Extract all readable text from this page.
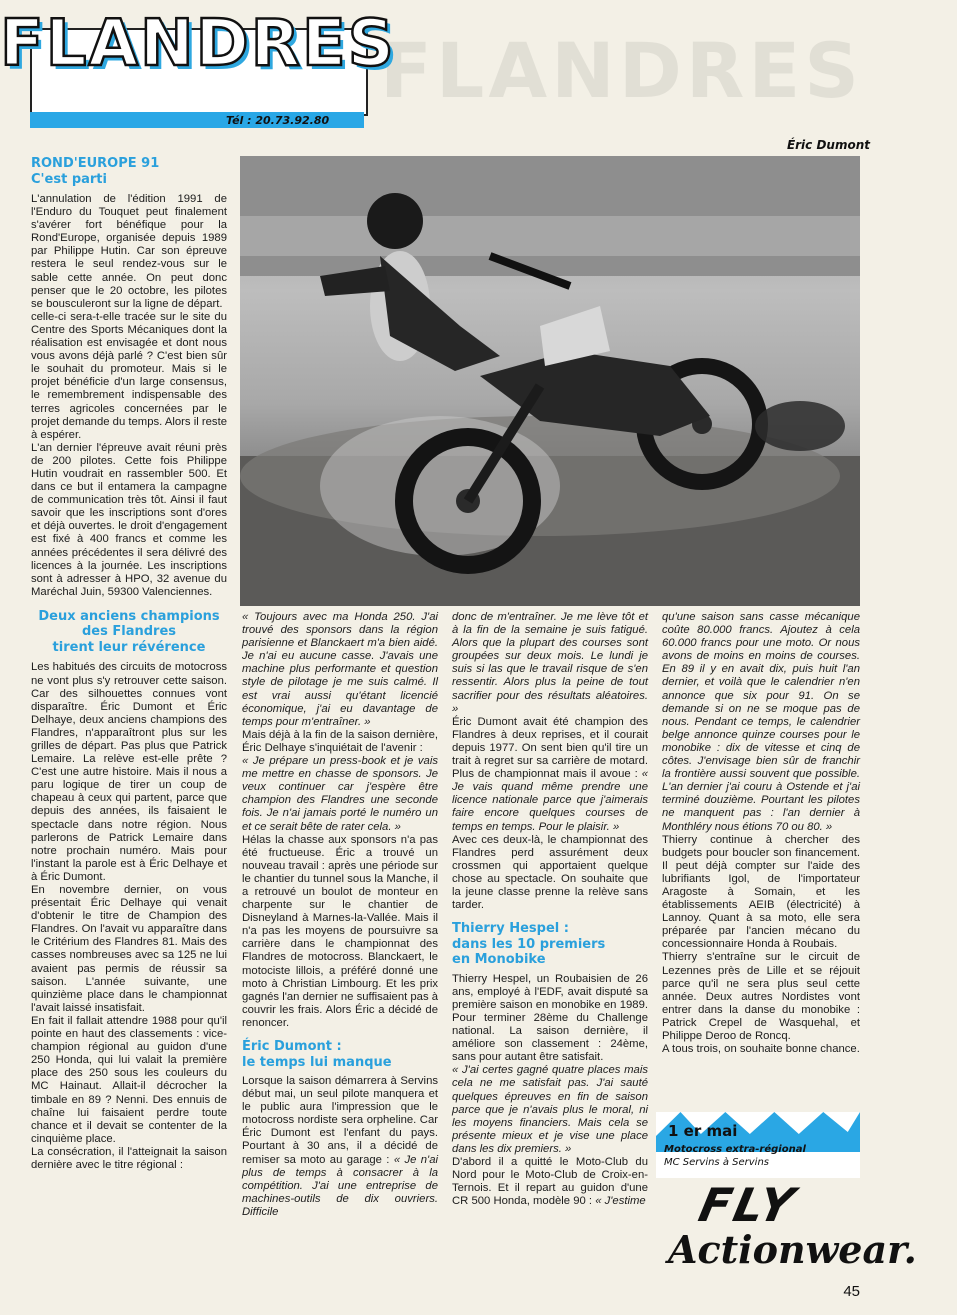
FLANDRES
FLANDRES
Tél : 20.73.92.80
Éric Dumont

ROND'EUROPE 91

C'est parti

L'annulation de l'édition 1991 de l'Enduro du Touquet peut finalement s'avérer fort bénéfique pour la Rond'Europe, organisée depuis 1989 par Philippe Hutin. Car son épreuve restera le seul rendez-vous sur le sable cette année. On peut donc penser que le 20 octobre, les pilotes se bousculeront sur la ligne de départ.

celle-ci sera-t-elle tracée sur le site du Centre des Sports Mécaniques dont la réalisation est envisagée et dont nous vous avons déjà parlé ? C'est bien sûr le souhait du promoteur. Mais si le projet bénéficie d'un large consensus, le remembrement indispensable des terres agricoles concernées par le projet demande du temps. Alors il reste à espérer.

L'an dernier l'épreuve avait réuni près de 200 pilotes. Cette fois Philippe Hutin voudrait en rassembler 500. Et dans ce but il entamera la campagne de communication très tôt. Ainsi il faut savoir que les inscriptions sont d'ores et déjà ouvertes. le droit d'engagement est fixé à 400 francs et comme les années précédentes il sera délivré des licences à la journée. Les inscriptions sont à adresser à HPO, 32 avenue du Maréchal Juin, 59300 Valenciennes.

Deux anciens champions

des Flandres

tirent leur révérence

Les habitués des circuits de motocross ne vont plus s'y retrouver cette saison. Car des silhouettes connues vont disparaître. Éric Dumont et Éric Delhaye, deux anciens champions des Flandres, n'apparaîtront plus sur les grilles de départ. Pas plus que Patrick Lemaire. La relève est-elle prête ? C'est une autre histoire. Mais il nous a paru logique de tirer un coup de chapeau à ceux qui partent, parce que depuis des années, ils faisaient le spectacle dans notre région. Nous parlerons de Patrick Lemaire dans notre prochain numéro. Mais pour l'instant la parole est à Éric Delhaye et à Éric Dumont.

En novembre dernier, on vous présentait Éric Delhaye qui venait d'obtenir le titre de Champion des Flandres. On l'avait vu apparaître dans le Critérium des Flandres 81. Mais des casses nombreuses avec sa 125 ne lui avaient pas permis de réussir sa saison. L'année suivante, une quinzième place dans le championnat l'avait laissé insatisfait.

En fait il fallait attendre 1988 pour qu'il pointe en haut des classements : vice-champion régional au guidon d'une 250 Honda, qui lui valait la première place des 250 sous les couleurs du MC Hainaut. Allait-il décrocher la timbale en 89 ? Nenni. Des ennuis de chaîne lui faisaient perdre toute chance et il devait se contenter de la cinquième place.

La consécration, il l'atteignait la saison dernière avec le titre régional :

« Toujours avec ma Honda 250. J'ai trouvé des sponsors dans la région parisienne et Blanckaert m'a bien aidé. Je n'ai eu aucune casse. J'avais une machine plus performante et question style de pilotage je me suis calmé. Il est vrai aussi qu'étant licencié économique, j'ai eu davantage de temps pour m'entraîner. »

Mais déjà à la fin de la saison dernière, Éric Delhaye s'inquiétait de l'avenir :

« Je prépare un press-book et je vais me mettre en chasse de sponsors. Je veux continuer car j'espère être champion des Flandres une seconde fois. Je n'ai jamais porté le numéro un et ce serait bête de rater cela. »

Hélas la chasse aux sponsors n'a pas été fructueuse. Éric a trouvé un nouveau travail : après une période sur le chantier du tunnel sous la Manche, il a retrouvé un boulot de monteur en charpente sur le chantier de Disneyland à Marnes-la-Vallée. Mais il n'a pas les moyens de poursuivre sa carrière dans le championnat des Flandres de motocross. Blanckaert, le motociste lillois, a préféré donné une moto à Christian Limbourg. Et les prix gagnés l'an dernier ne suffisaient pas à couvrir les frais. Alors Éric a décidé de renoncer.

Éric Dumont :

le temps lui manque

Lorsque la saison démarrera à Servins début mai, un seul pilote manquera et le public aura l'impression que le motocross nordiste sera orpheline. Car Éric Dumont est l'enfant du pays. Pourtant à 30 ans, il a décidé de remiser sa moto au garage : « Je n'ai plus de temps à consacrer à la compétition. J'ai une entreprise de machines-outils de dix ouvriers. Difficile

donc de m'entraîner. Je me lève tôt et à la fin de la semaine je suis fatigué. Alors que la plupart des courses sont groupées sur deux mois. Le lundi je suis si las que le travail risque de s'en ressentir. Alors plus la peine de tout sacrifier pour des résultats aléatoires. »

Éric Dumont avait été champion des Flandres à deux reprises, et il courait depuis 1977. On sent bien qu'il tire un trait à regret sur sa carrière de motard. Plus de championnat mais il avoue : « Je vais quand même prendre une licence nationale parce que j'aimerais faire encore quelques courses de temps en temps. Pour le plaisir. »

Avec ces deux-là, le championnat des Flandres perd assurément deux crossmen qui apportaient quelque chose au spectacle. On souhaite que la jeune classe prenne la relève sans tarder.

Thierry Hespel :

dans les 10 premiers

en Monobike

Thierry Hespel, un Roubaisien de 26 ans, employé à l'EDF, avait disputé sa première saison en monobike en 1989. Pour terminer 28ème du Challenge national. La saison dernière, il améliore son classement : 24ème, sans pour autant être satisfait.

« J'ai certes gagné quatre places mais cela ne me satisfait pas. J'ai sauté quelques épreuves en fin de saison parce que je n'avais plus le moral, ni les moyens financiers. Mais cela se présente mieux et je vise une place dans les dix premiers. »

D'abord il a quitté le Moto-Club du Nord pour le Moto-Club de Croix-en-Ternois. Et il repart au guidon d'une CR 500 Honda, modèle 90 : « J'estime

qu'une saison sans casse mécanique coûte 80.000 francs. Ajoutez à cela 60.000 francs pour une moto. Or nous avons de moins en moins de courses. En 89 il y en avait dix, puis huit l'an dernier, et voilà que le calendrier n'en annonce que six pour 91. On se demande si on ne se moque pas de nous. Pendant ce temps, le calendrier belge annonce quinze courses pour le monobike : dix de vitesse et cinq de côtes. J'envisage bien sûr de franchir la frontière aussi souvent que possible. L'an dernier j'ai couru à Ostende et j'ai terminé douzième. Pourtant les pilotes ne manquent pas : l'an dernier à Monthléry nous étions 70 ou 80. »

Thierry continue à chercher des budgets pour boucler son financement. Il peut déjà compter sur l'aide des lubrifiants Igol, de l'importateur Aragoste à Somain, et les établissements AEIB (électricité) à Lannoy. Quant à sa moto, elle sera préparée par l'ancien mécano du concessionnaire Honda à Roubais.

Thierry s'entraîne sur le circuit de Lezennes près de Lille et se réjouit parce qu'il ne sera plus seul cette année. Deux autres Nordistes vont entrer dans la danse du monobike : Patrick Crepel de Wasquehal, et Philippe Deroo de Roncq.

A tous trois, on souhaite bonne chance.

1 er mai
Motocross extra-régional
MC Servins à Servins
FLY
Actionwear.
45
